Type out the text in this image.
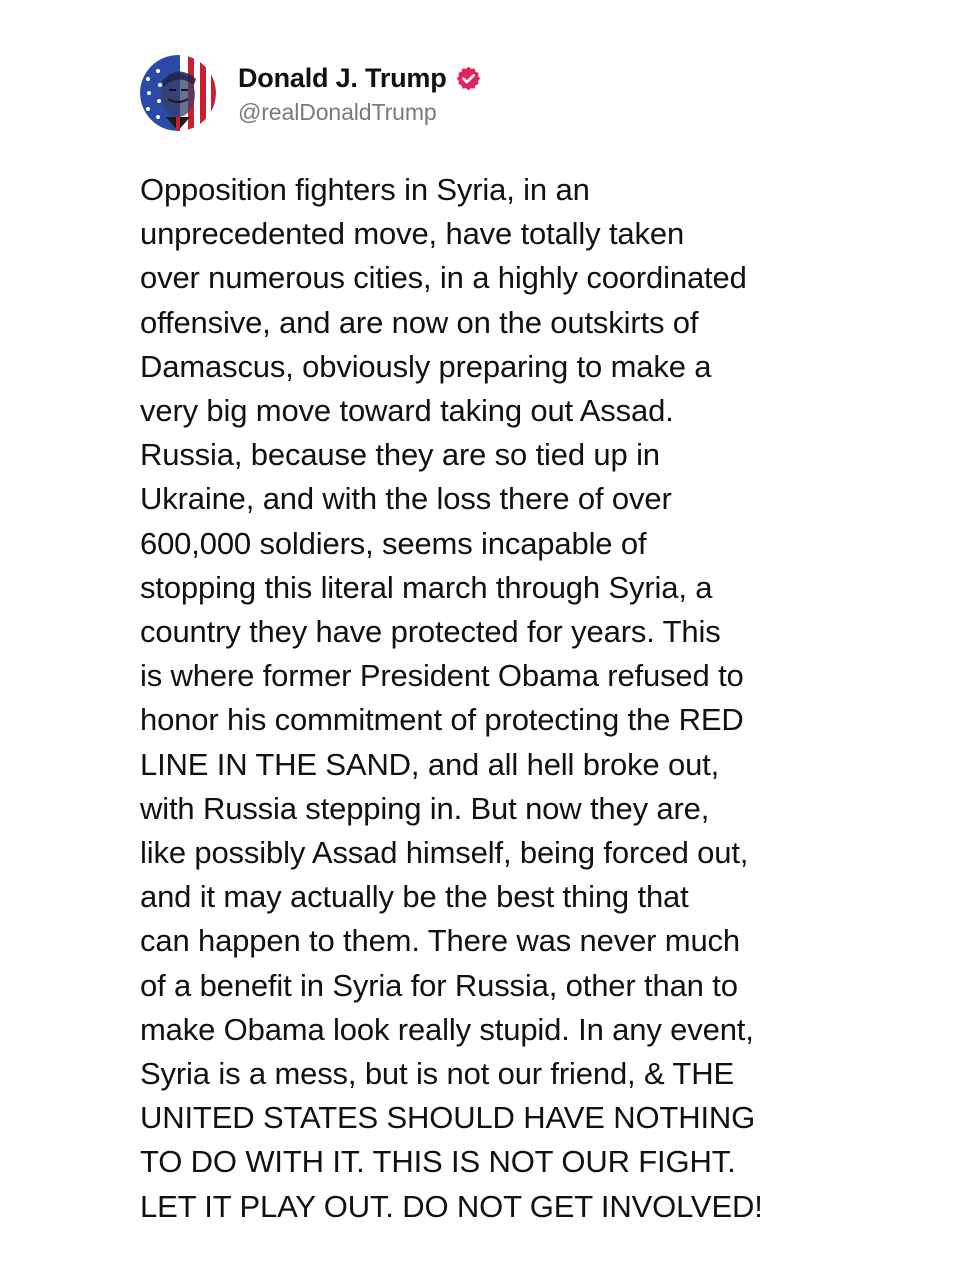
Donald J. Trump
@realDonaldTrump
Opposition fighters in Syria, in an
unprecedented move, have totally taken
over numerous cities, in a highly coordinated
offensive, and are now on the outskirts of
Damascus, obviously preparing to make a
very big move toward taking out Assad.
Russia, because they are so tied up in
Ukraine, and with the loss there of over
600,000 soldiers, seems incapable of
stopping this literal march through Syria, a
country they have protected for years. This
is where former President Obama refused to
honor his commitment of protecting the RED
LINE IN THE SAND, and all hell broke out,
with Russia stepping in. But now they are,
like possibly Assad himself, being forced out,
and it may actually be the best thing that
can happen to them. There was never much
of a benefit in Syria for Russia, other than to
make Obama look really stupid. In any event,
Syria is a mess, but is not our friend, & THE
UNITED STATES SHOULD HAVE NOTHING
TO DO WITH IT. THIS IS NOT OUR FIGHT.
LET IT PLAY OUT. DO NOT GET INVOLVED!
